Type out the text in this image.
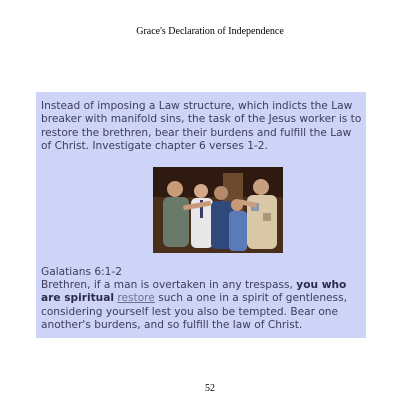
Grace's Declaration of Independence
Instead of imposing a Law structure, which indicts the Law breaker with manifold sins, the task of the Jesus worker is to restore the brethren, bear their burdens and fulfill the Law of Christ. Investigate chapter 6 verses 1-2.
Galatians 6:1-2
Brethren, if a man is overtaken in any trespass, you who are spiritual restore such a one in a spirit of gentleness, considering yourself lest you also be tempted. Bear one another's burdens, and so fulfill the law of Christ.
52
